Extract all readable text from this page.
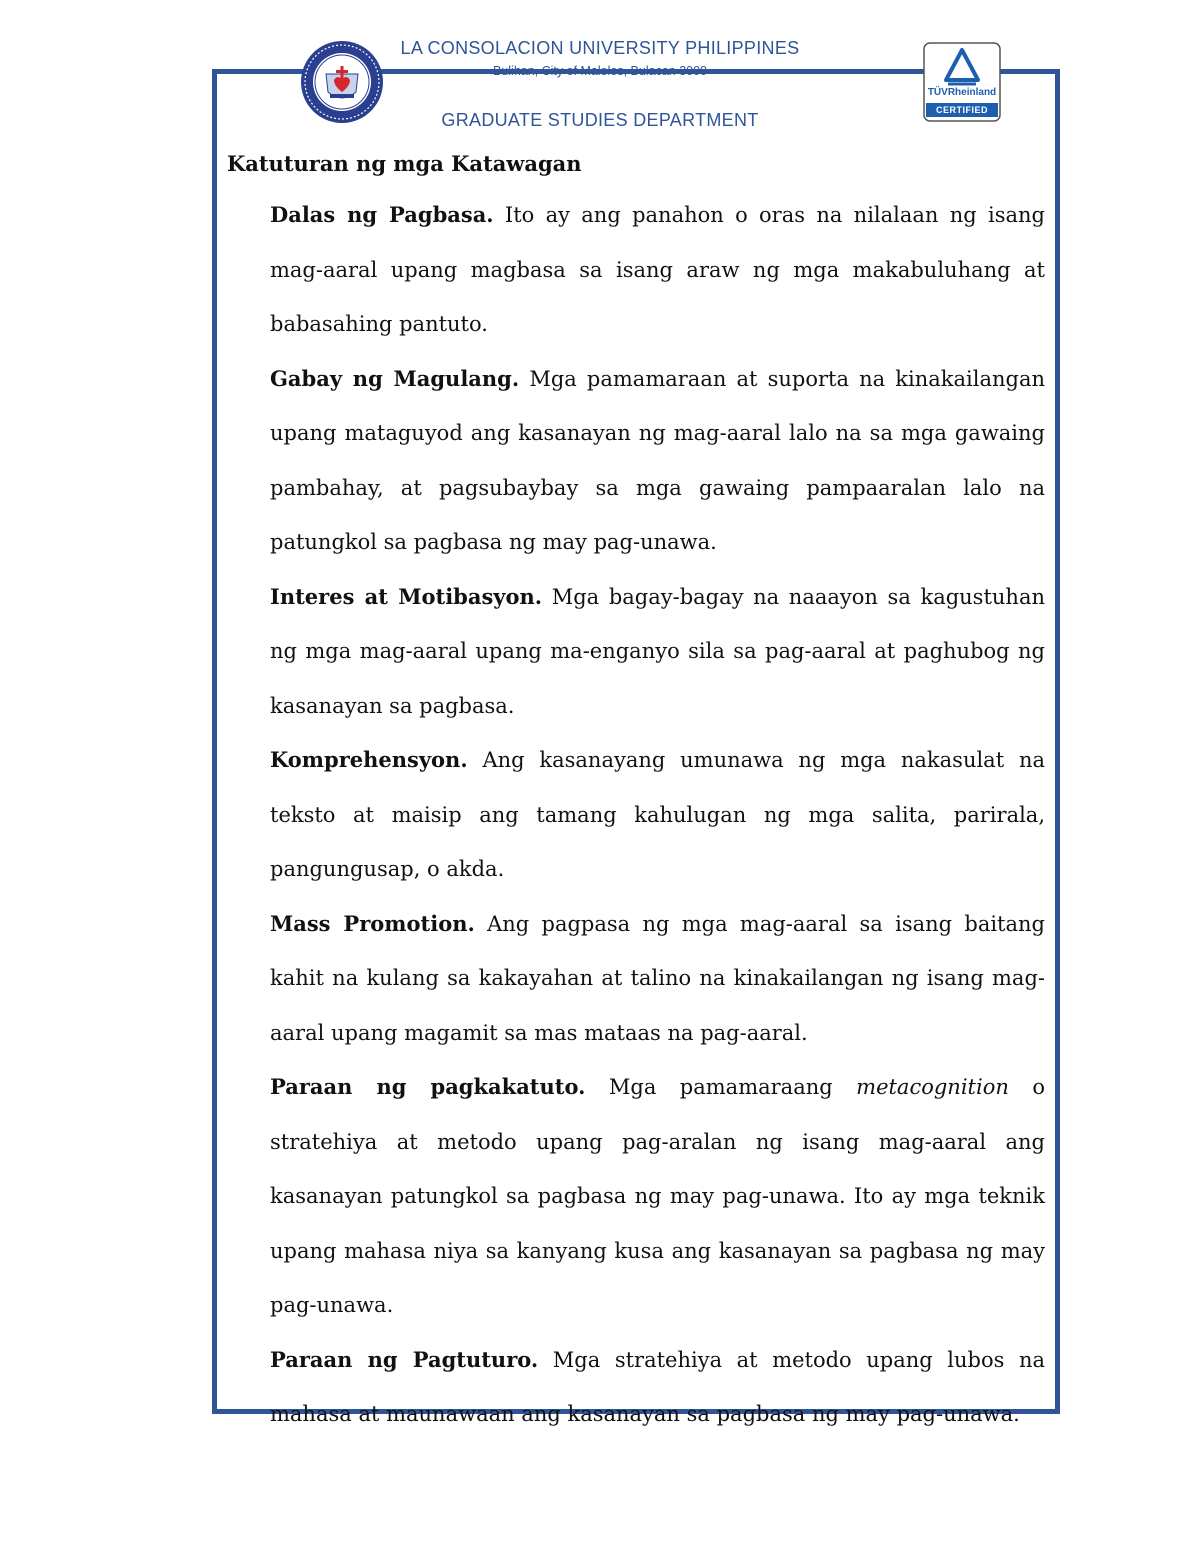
TÜVRheinland
CERTIFIED
LA CONSOLACION UNIVERSITY PHILIPPINES
Bulihan, City of Malolos, Bulacan 3000
GRADUATE STUDIES DEPARTMENT

Katuturan ng mga Katawagan

Dalas ng Pagbasa. Ito ay ang panahon o oras na nilalaan ng isang mag-aaral upang magbasa sa isang araw ng mga makabuluhang at babasahing pantuto.

Gabay ng Magulang. Mga pamamaraan at suporta na kinakailangan upang mataguyod ang kasanayan ng mag-aaral lalo na sa mga gawaing pambahay, at pagsubaybay sa mga gawaing pampaaralan lalo na patungkol sa pagbasa ng may pag-unawa.

Interes at Motibasyon. Mga bagay-bagay na naaayon sa kagustuhan ng mga mag-aaral upang ma-enganyo sila sa pag-aaral at paghubog ng kasanayan sa pagbasa.

Komprehensyon. Ang kasanayang umunawa ng mga nakasulat na teksto at maisip ang tamang kahulugan ng mga salita, parirala, pangungusap, o akda.

Mass Promotion. Ang pagpasa ng mga mag-aaral sa isang baitang kahit na kulang sa kakayahan at talino na kinakailangan ng isang mag-aaral upang magamit sa mas mataas na pag-aaral.

Paraan ng pagkakatuto. Mga pamamaraang metacognition o stratehiya at metodo upang pag-aralan ng isang mag-aaral ang kasanayan patungkol sa pagbasa ng may pag-unawa. Ito ay mga teknik upang mahasa niya sa kanyang kusa ang kasanayan sa pagbasa ng may pag-unawa.

Paraan ng Pagtuturo. Mga stratehiya at metodo upang lubos na mahasa at maunawaan ang kasanayan sa pagbasa ng may pag-unawa.
